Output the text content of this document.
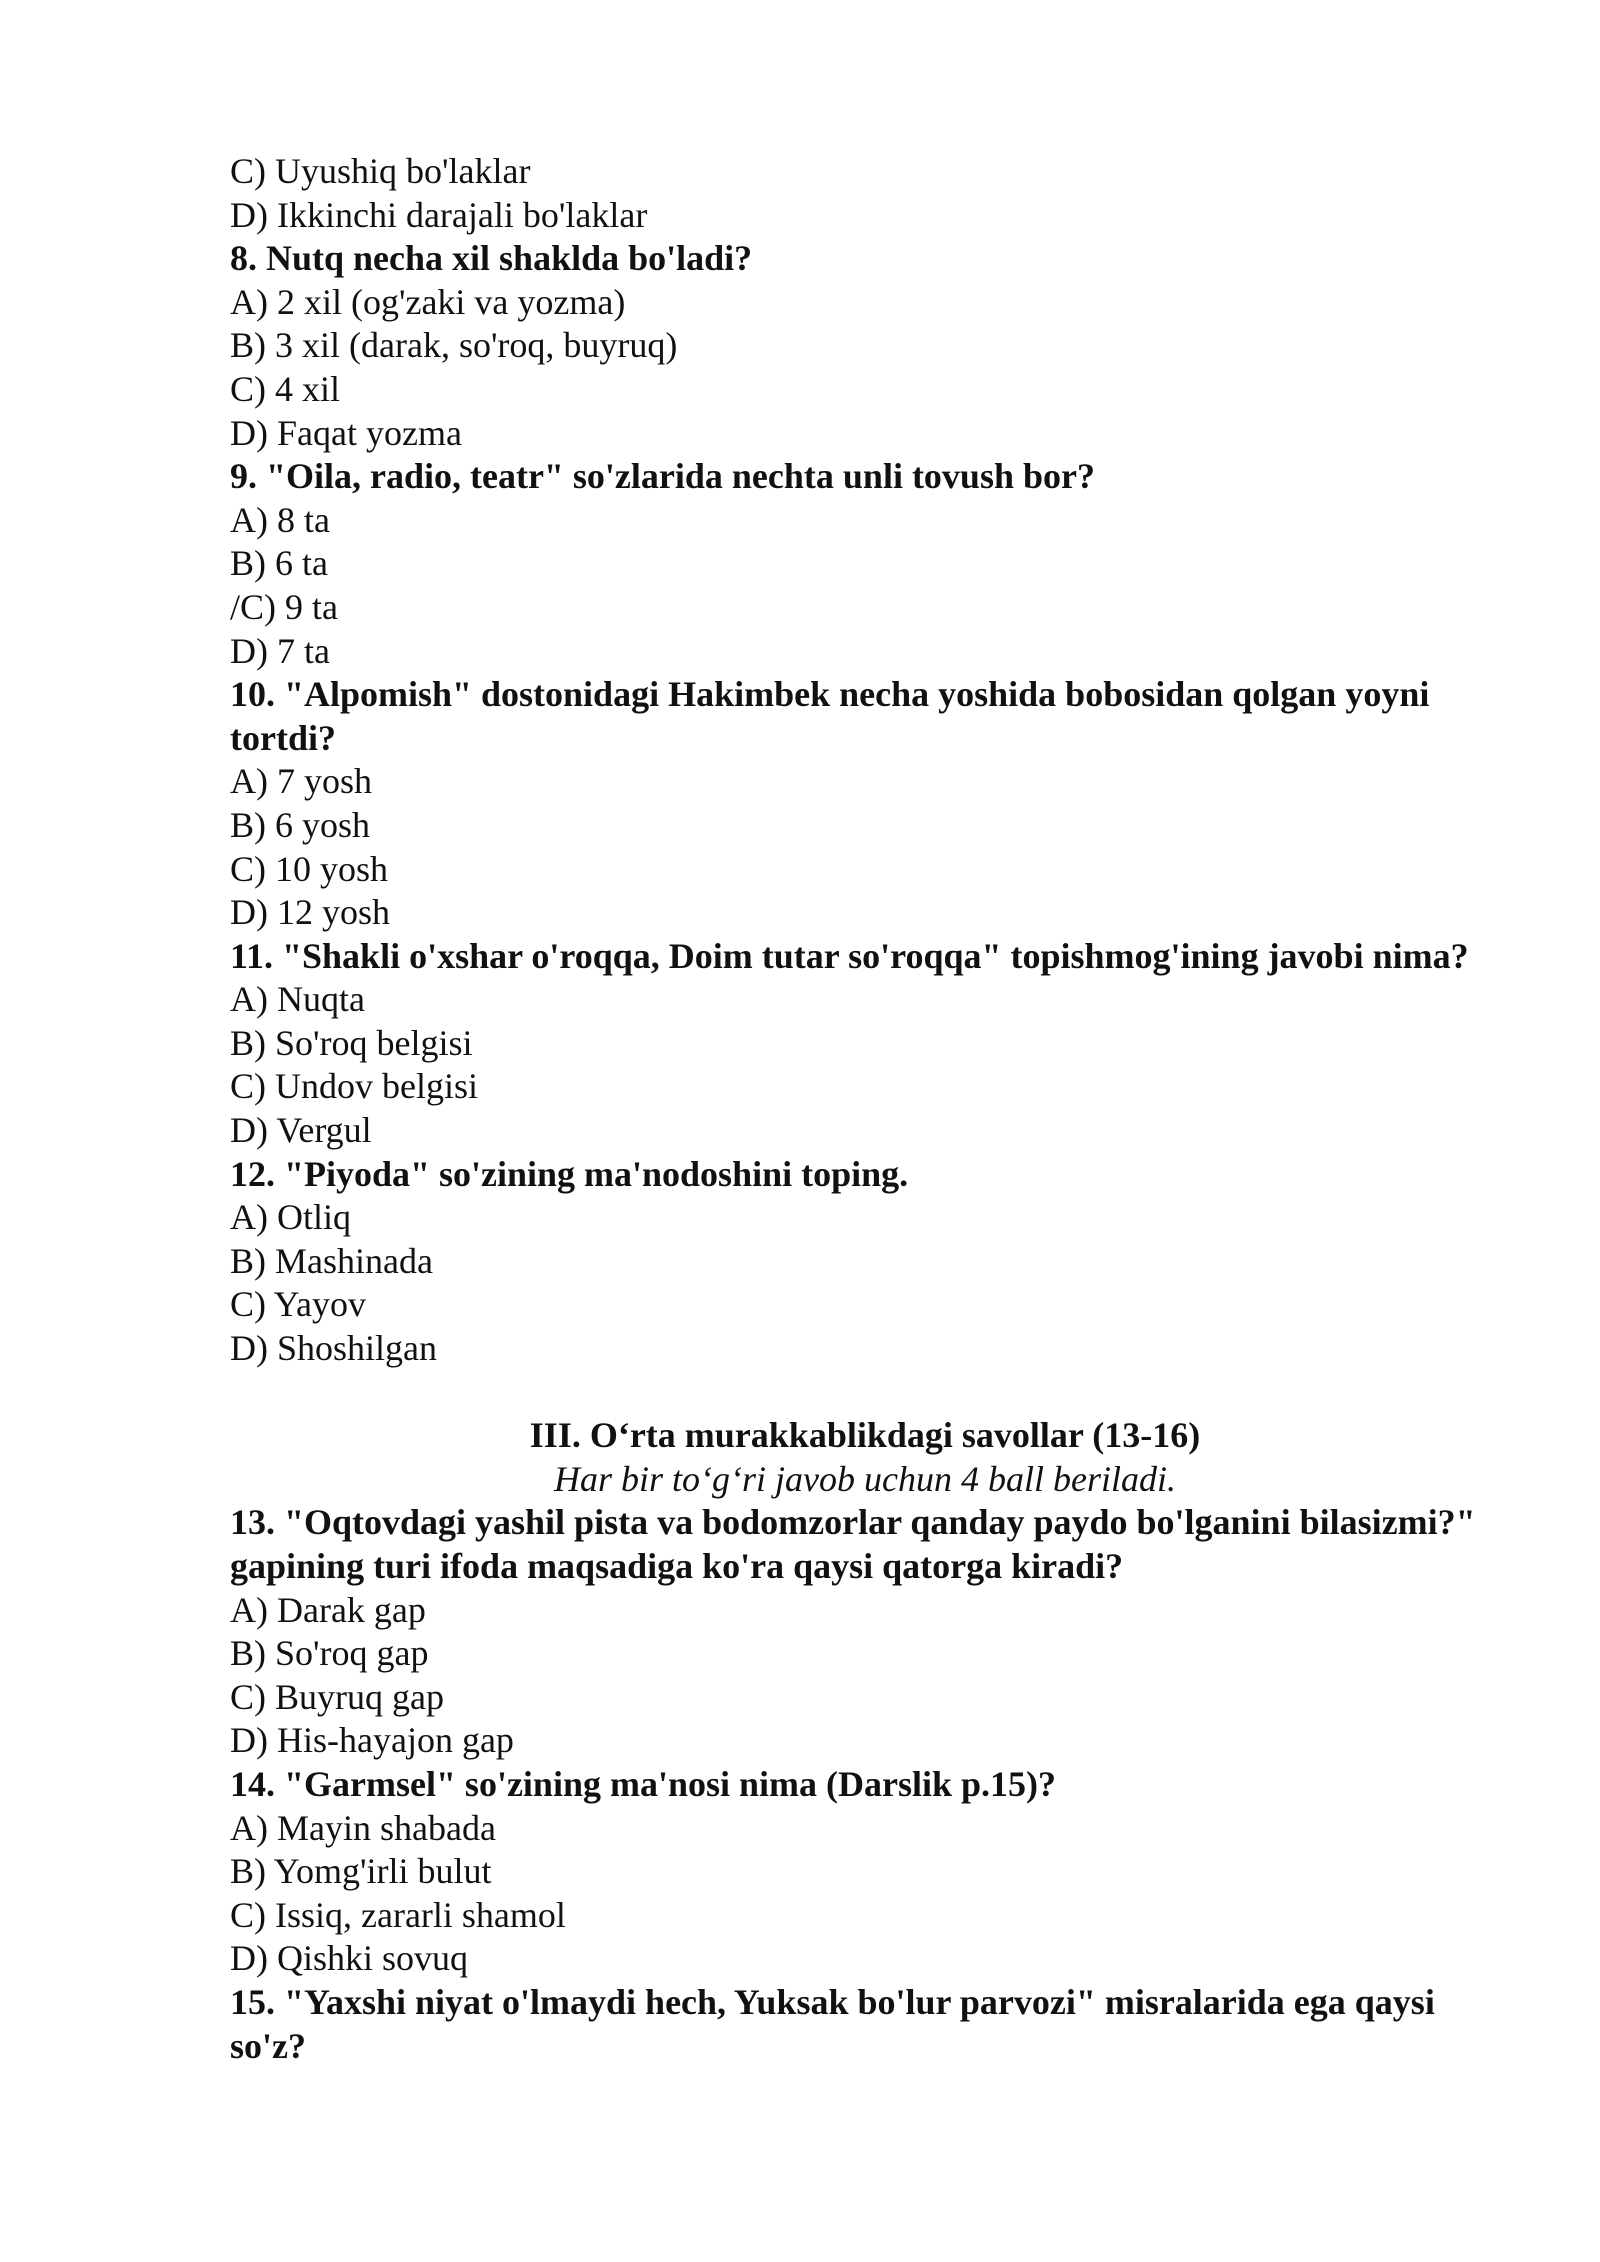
C) Uyushiq bo'laklar
D) Ikkinchi darajali bo'laklar
8. Nutq necha xil shaklda bo'ladi?
A) 2 xil (og'zaki va yozma)
B) 3 xil (darak, so'roq, buyruq)
C) 4 xil
D) Faqat yozma
9. "Oila, radio, teatr" so'zlarida nechta unli tovush bor?
A) 8 ta
B) 6 ta
/C) 9 ta
D) 7 ta
10. "Alpomish" dostonidagi Hakimbek necha yoshida bobosidan qolgan yoyni tortdi?
A) 7 yosh
B) 6 yosh
C) 10 yosh
D) 12 yosh
11. "Shakli o'xshar o'roqqa, Doim tutar so'roqqa" topishmog'ining javobi nima?
A) Nuqta
B) So'roq belgisi
C) Undov belgisi
D) Vergul
12. "Piyoda" so'zining ma'nodoshini toping.
A) Otliq
B) Mashinada
C) Yayov
D) Shoshilgan
III. O‘rta murakkablikdagi savollar (13-16)
Har bir to‘g‘ri javob uchun 4 ball beriladi.
13. "Oqtovdagi yashil pista va bodomzorlar qanday paydo bo'lganini bilasizmi?" gapining turi ifoda maqsadiga ko'ra qaysi qatorga kiradi?
A) Darak gap
B) So'roq gap
C) Buyruq gap
D) His-hayajon gap
14. "Garmsel" so'zining ma'nosi nima (Darslik p.15)?
A) Mayin shabada
B) Yomg'irli bulut
C) Issiq, zararli shamol
D) Qishki sovuq
15. "Yaxshi niyat o'lmaydi hech, Yuksak bo'lur parvozi" misralarida ega qaysi so'z?
